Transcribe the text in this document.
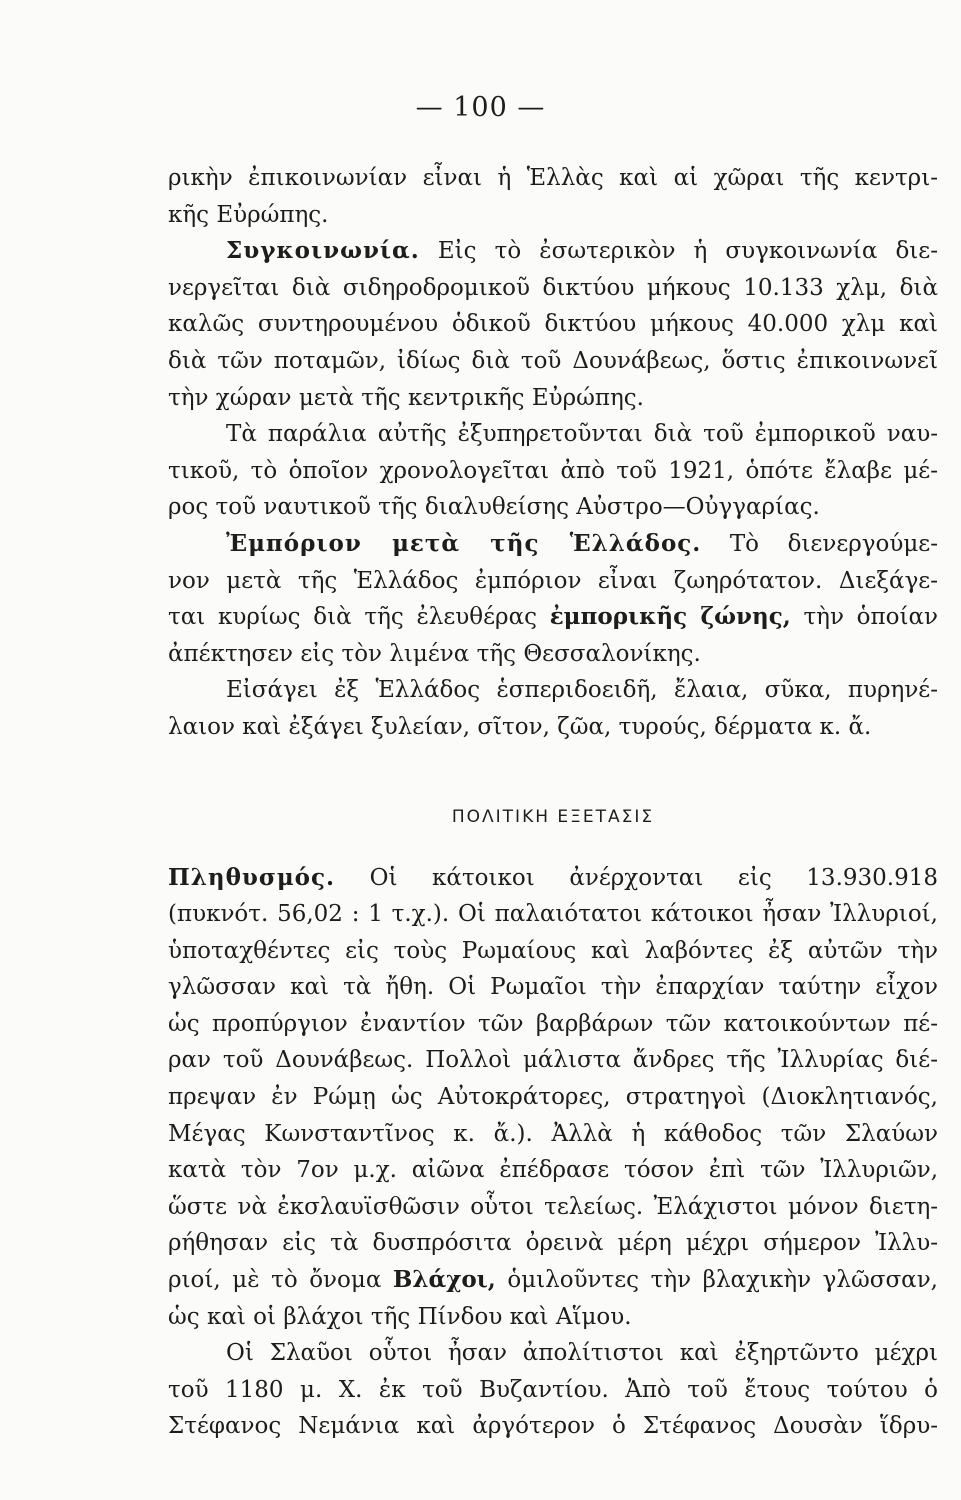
— 100 —
ρικὴν ἐπικοινωνίαν εἶναι ἡ Ἑλλὰς καὶ αἱ χῶραι τῆς κεντρι-
κῆς Εὐρώπης.
Συγκοινωνία. Εἰς τὸ ἐσωτερικὸν ἡ συγκοινωνία διε-
νεργεῖται διὰ σιδηροδρομικοῦ δικτύου μήκους 10.133 χλμ, διὰ
καλῶς συντηρουμένου ὁδικοῦ δικτύου μήκους 40.000 χλμ καὶ
διὰ τῶν ποταμῶν, ἰδίως διὰ τοῦ Δουνάβεως, ὅστις ἐπικοινωνεῖ
τὴν χώραν μετὰ τῆς κεντρικῆς Εὐρώπης.
Τὰ παράλια αὐτῆς ἐξυπηρετοῦνται διὰ τοῦ ἐμπορικοῦ ναυ-
τικοῦ, τὸ ὁποῖον χρονολογεῖται ἀπὸ τοῦ 1921, ὁπότε ἔλαβε μέ-
ρος τοῦ ναυτικοῦ τῆς διαλυθείσης Αὐστρο—Οὐγγαρίας.
Ἐμπόριον μετὰ τῆς Ἑλλάδος. Τὸ διενεργούμε-
νον μετὰ τῆς Ἑλλάδος ἐμπόριον εἶναι ζωηρότατον. Διεξάγε-
ται κυρίως διὰ τῆς ἐλευθέρας ἐμπορικῆς ζώνης, τὴν ὁποίαν
ἀπέκτησεν εἰς τὸν λιμένα τῆς Θεσσαλονίκης.
Εἰσάγει ἐξ Ἑλλάδος ἑσπεριδοειδῆ, ἔλαια, σῦκα, πυρηνέ-
λαιον καὶ ἐξάγει ξυλείαν, σῖτον, ζῶα, τυρούς, δέρματα κ. ἄ.
ΠΟΛΙΤΙΚΗ ΕΞΕΤΑΣΙΣ
Πληθυσμός. Οἱ κάτοικοι ἀνέρχονται εἰς 13.930.918
(πυκνότ. 56,02 : 1 τ.χ.). Οἱ παλαιότατοι κάτοικοι ἦσαν Ἰλλυριοί,
ὑποταχθέντες εἰς τοὺς Ρωμαίους καὶ λαβόντες ἐξ αὐτῶν τὴν
γλῶσσαν καὶ τὰ ἤθη. Οἱ Ρωμαῖοι τὴν ἐπαρχίαν ταύτην εἶχον
ὡς προπύργιον ἐναντίον τῶν βαρβάρων τῶν κατοικούντων πέ-
ραν τοῦ Δουνάβεως. Πολλοὶ μάλιστα ἄνδρες τῆς Ἰλλυρίας διέ-
πρεψαν ἐν Ρώμῃ ὡς Αὐτοκράτορες, στρατηγοὶ (Διοκλητιανός,
Μέγας Κωνσταντῖνος κ. ἄ.). Ἀλλὰ ἡ κάθοδος τῶν Σλαύων
κατὰ τὸν 7ον μ.χ. αἰῶνα ἐπέδρασε τόσον ἐπὶ τῶν Ἰλλυριῶν,
ὥστε νὰ ἐκσλαυϊσθῶσιν οὗτοι τελείως. Ἐλάχιστοι μόνον διετη-
ρήθησαν εἰς τὰ δυσπρόσιτα ὀρεινὰ μέρη μέχρι σήμερον Ἰλλυ-
ριοί, μὲ τὸ ὄνομα Βλάχοι, ὁμιλοῦντες τὴν βλαχικὴν γλῶσσαν,
ὡς καὶ οἱ βλάχοι τῆς Πίνδου καὶ Αἵμου.
Οἱ Σλαῦοι οὗτοι ἦσαν ἀπολίτιστοι καὶ ἐξηρτῶντο μέχρι
τοῦ 1180 μ. Χ. ἐκ τοῦ Βυζαντίου. Ἀπὸ τοῦ ἔτους τούτου ὁ
Στέφανος Νεμάνια καὶ ἀργότερον ὁ Στέφανος Δουσὰν ἵδρυ-
